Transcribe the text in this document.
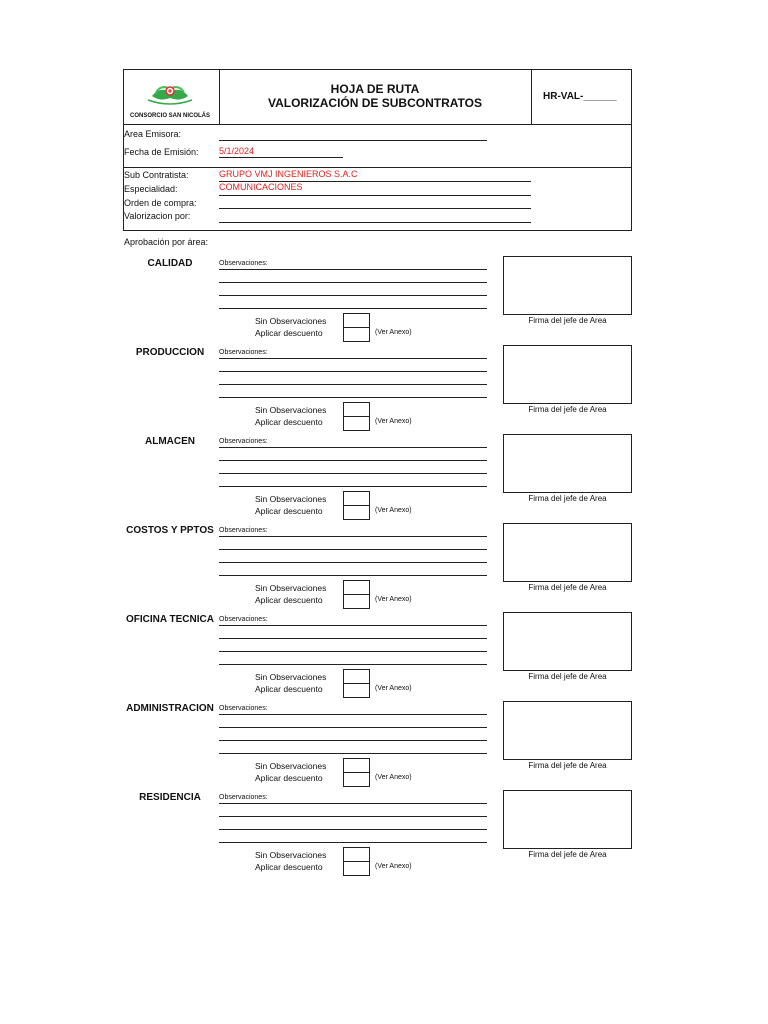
CONSORCIO SAN NICOLÁS
HOJA DE RUTA
VALORIZACIÓN DE SUBCONTRATOS	HR-VAL-______
Area Emisora:
Fecha de Emisión: 5/1/2024
Sub Contratista:	GRUPO VMJ INGENIEROS S.A.C
Especialidad:	COMUNICACIONES
Orden de compra:
Valorizacion por:
Aprobación por área:
CALIDAD	Observaciones:
Firma del jefe de Area
Sin Observaciones
Aplicar descuento	(Ver Anexo)
PRODUCCION	Observaciones:
Firma del jefe de Area
Sin Observaciones
Aplicar descuento	(Ver Anexo)
ALMACEN	Observaciones:
Firma del jefe de Area
Sin Observaciones
Aplicar descuento	(Ver Anexo)
COSTOS Y PPTOS Observaciones:
Firma del jefe de Area
Sin Observaciones
Aplicar descuento	(Ver Anexo)
OFICINA TECNICA Observaciones:
Firma del jefe de Area
Sin Observaciones
Aplicar descuento	(Ver Anexo)
ADMINISTRACION Observaciones:
Firma del jefe de Area
Sin Observaciones
Aplicar descuento	(Ver Anexo)
RESIDENCIA	Observaciones:
Firma del jefe de Area
Sin Observaciones
Aplicar descuento	(Ver Anexo)
